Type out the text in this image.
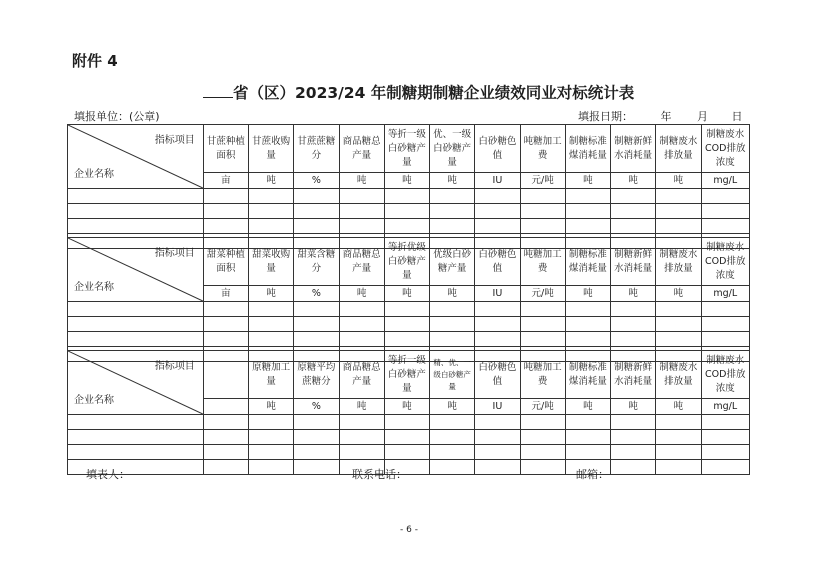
附件 4
省（区）2023/24 年制糖期制糖企业绩效同业对标统计表
填报单位：(公章)	填报日期：	年 月 日
指标项目
企业名称	甘蔗种植面积	甘蔗收购量	甘蔗蔗糖分	商品糖总产量	等折一级白砂糖产量	优、一级白砂糖产量	白砂糖色值	吨糖加工费	制糖标准煤消耗量	制糖新鲜水消耗量	制糖废水排放量	制糖废水COD排放浓度
	亩	吨	%	吨	吨	吨	IU	元/吨	吨	吨	吨	mg/L

指标项目
企业名称	甜菜种植面积	甜菜收购量	甜菜含糖分	商品糖总产量	等折优级白砂糖产量	优级白砂糖产量	白砂糖色值	吨糖加工费	制糖标准煤消耗量	制糖新鲜水消耗量	制糖废水排放量	制糖废水COD排放浓度
	亩	吨	%	吨	吨	吨	IU	元/吨	吨	吨	吨	mg/L

指标项目
企业名称		原糖加工量	原糖平均蔗糖分	商品糖总产量	等折一级白砂糖产量	精、优、一级白砂糖产量	白砂糖色值	吨糖加工费	制糖标准煤消耗量	制糖新鲜水消耗量	制糖废水排放量	制糖废水COD排放浓度
		吨	%	吨	吨	吨	IU	元/吨	吨	吨	吨	mg/L

填表人：	联系电话：	邮箱：
- 6 -
